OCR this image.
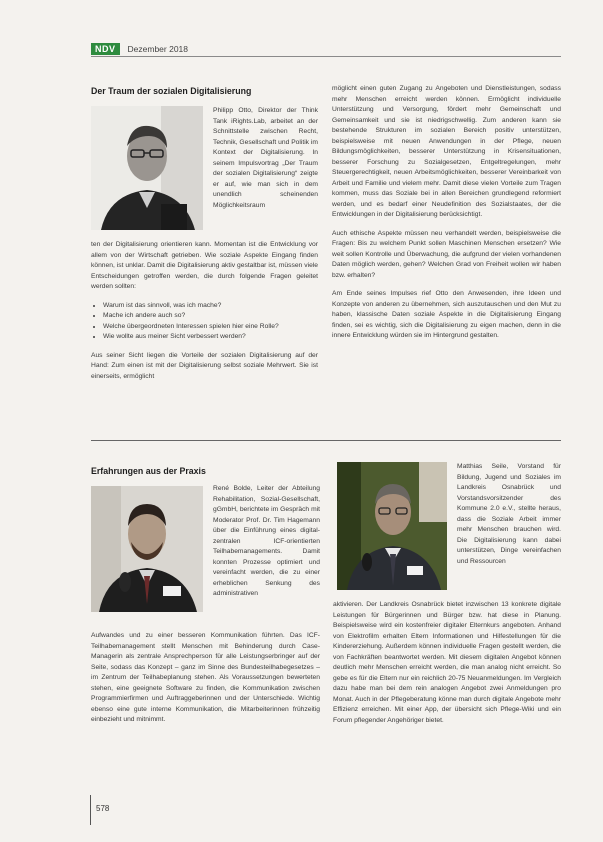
NDV	Dezember 2018
Der Traum der sozialen Digitalisierung

Philipp Otto, Direktor der Think Tank iRights.Lab, arbeitet an der Schnittstelle zwischen Recht, Technik, Gesellschaft und Politik im Kontext der Digitalisierung. In seinem Impulsvortrag „Der Traum der sozialen Digitalisierung“ zeigte er auf, wie man sich in dem unendlich scheinenden Möglichkeitsraum

ten der Digitalisierung orientieren kann. Momentan ist die Entwicklung vor allem von der Wirtschaft getrieben. Wie soziale Aspekte Eingang finden können, ist unklar. Damit die Digitalisierung aktiv gestaltbar ist, müssen viele Entscheidungen getroffen werden, die durch folgende Fragen geleitet werden sollten:

• Warum ist das sinnvoll, was ich mache?
• Mache ich andere auch so?
• Welche übergeordneten Interessen spielen hier eine Rolle?
• Wie wollte aus meiner Sicht verbessert werden?

Aus seiner Sicht liegen die Vorteile der sozialen Digitalisierung auf der Hand: Zum einen ist mit der Digitalisierung selbst soziale Mehrwert. Sie ist einerseits, ermöglicht

möglicht einen guten Zugang zu Angeboten und Dienstleistungen, sodass mehr Menschen erreicht werden können. Ermöglicht individuelle Unterstützung und Versorgung, fördert mehr Gemeinschaft und Gemeinsamkeit und sie ist niedrigschwellig. Zum anderen kann sie bestehende Strukturen im sozialen Bereich positiv unterstützen, beispielsweise mit neuen Anwendungen in der Pflege, neuen Bildungsmöglichkeiten, besserer Unterstützung in Krisensituationen, besserer Forschung zu Sozialgesetzen, Entgeltregelungen, mehr Steuergerechtigkeit, neuen Arbeitsmöglichkeiten, besserer Vereinbarkeit von Arbeit und Familie und vielem mehr. Damit diese vielen Vorteile zum Tragen kommen, muss das Soziale bei in allen Bereichen grundlegend reformiert werden, und es bedarf einer Neudefinition des Sozialstaates, der die Entwicklungen in der Digitalisierung berücksichtigt.

Auch ethische Aspekte müssen neu verhandelt werden, beispielsweise die Fragen: Bis zu welchem Punkt sollen Maschinen Menschen ersetzen? Wie weit sollen Kontrolle und Überwachung, die aufgrund der vielen vorhandenen Daten möglich werden, gehen? Welchen Grad von Freiheit wollen wir haben bzw. erhalten?

Am Ende seines Impulses rief Otto den Anwesenden, ihre Ideen und Konzepte von anderen zu übernehmen, sich auszutauschen und den Mut zu haben, klassische Daten soziale Aspekte in die Digitalisierung Eingang finden, sei es wichtig, sich die Digitalisierung zu eigen machen, denn in die innere Entwicklung würden sie im Hintergrund gestalten.

Erfahrungen aus der Praxis

René Bolde, Leiter der Abteilung Rehabilitation, Sozial-Gesellschaft, gGmbH, berichtete im Gespräch mit Moderator Prof. Dr. Tim Hagemann über die Einführung eines digital-zentralen ICF-orientierten Teilhabemanagements. Damit konnten Prozesse optimiert und vereinfacht werden, die zu einer erheblichen Senkung des administrativen

Aufwandes und zu einer besseren Kommunikation führten. Das ICF-Teilhabemanagement stellt Menschen mit Behinderung durch Case-Managerin als zentrale Ansprechperson für alle Leistungserbringer auf der Seite, sodass das Konzept – ganz im Sinne des Bundesteilhabegesetzes – im Zentrum der Teilhabeplanung stehen. Als Voraussetzungen bewerteten stehen, eine geeignete Software zu finden, die Kommunikation zwischen Programmierfirmen und Auftraggeberinnen und der Unterschiede. Wichtig ebenso eine gute interne Kommunikation, die Mitarbeiterinnen frühzeitig einbezieht und mitnimmt.

Matthias Seile, Vorstand für Bildung, Jugend und Soziales im Landkreis Osnabrück und Vorstandsvorsitzender des Kommune 2.0 e.V., stellte heraus, dass die Soziale Arbeit immer mehr Menschen brauchen wird. Die Digitalisierung kann dabei unterstützen, Dinge vereinfachen und Ressourcen

aktivieren. Der Landkreis Osnabrück bietet inzwischen 13 konkrete digitale Leistungen für Bürgerinnen und Bürger bzw. hat diese in Planung. Beispielsweise wird ein kostenfreier digitaler Elternkurs angeboten. Anhand von Elektrofilm erhalten Eltern Informationen und Hilfestellungen für die Kindererziehung. Außerdem können individuelle Fragen gestellt werden, die von Fachkräften beantwortet werden. Mit diesem digitalen Angebot können deutlich mehr Menschen erreicht werden, die man analog nicht erreicht. So gebe es für die Eltern nur ein reichlich 20-75 Neuanmeldungen. Im Vergleich dazu habe man bei dem rein analogen Angebot zwei Anmeldungen pro Monat. Auch in der Pflegeberatung könne man durch digitale Angebote mehr Effizienz erreichen. Mit einer App, der übersicht sich Pflege-Wiki und ein Forum pflegender Angehöriger bietet.

578
